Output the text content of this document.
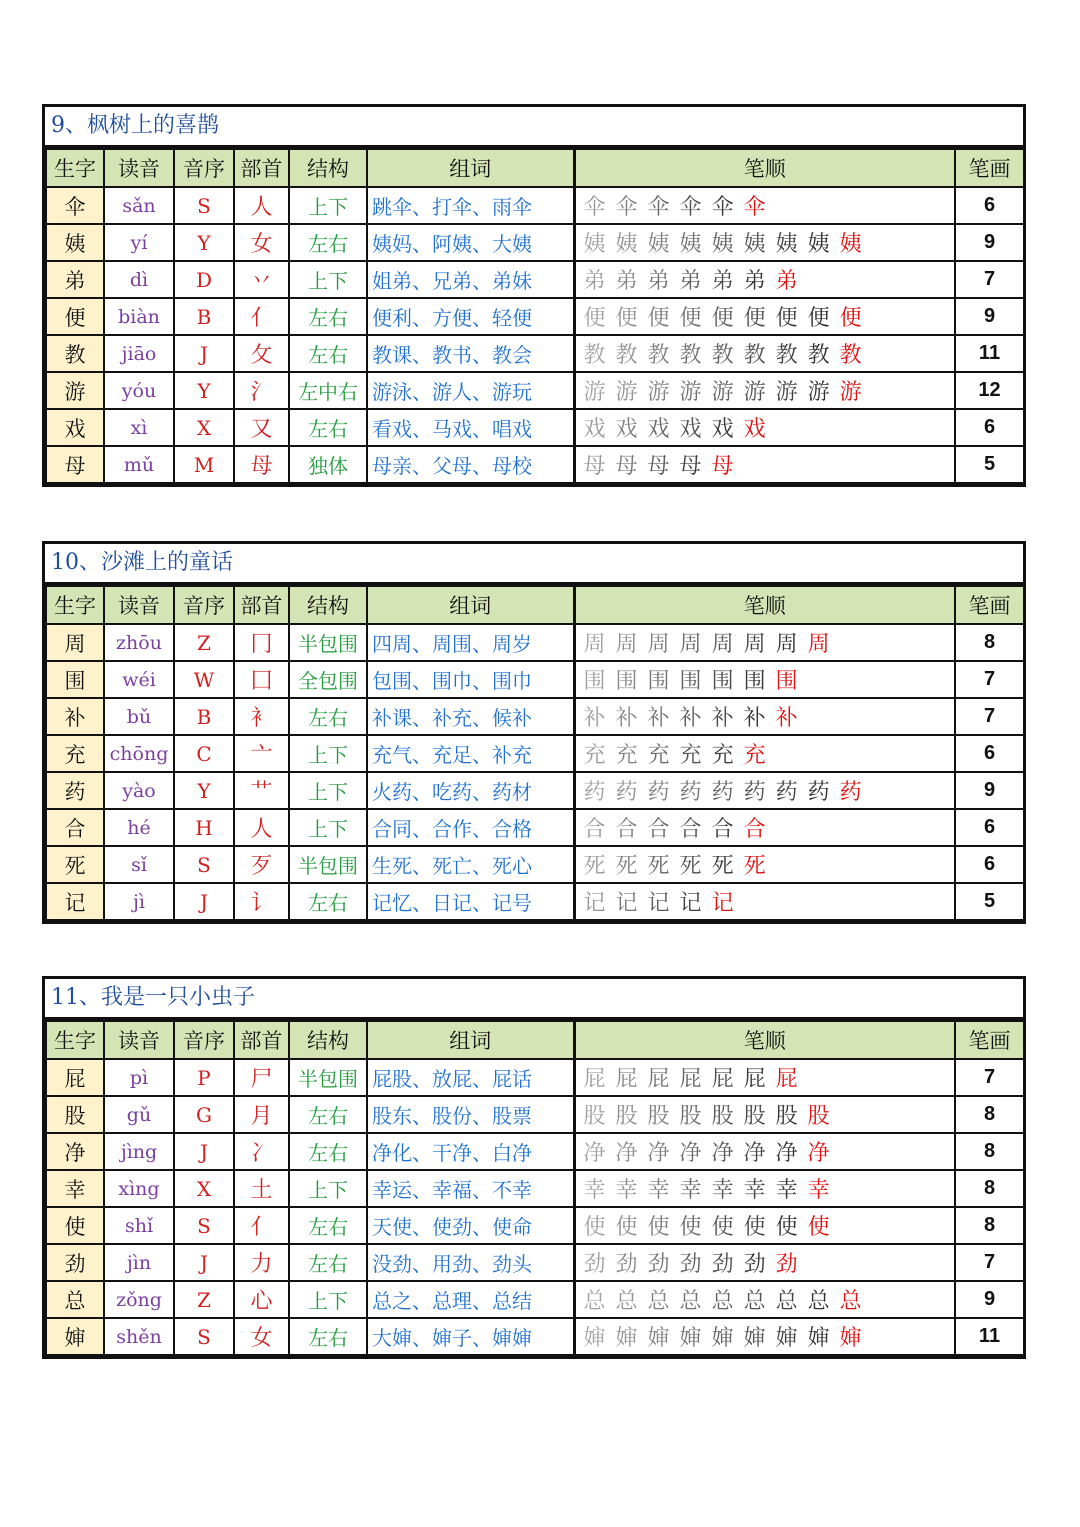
9、枫树上的喜鹊
生字	读音	音序	部首	结构	组词	笔顺	笔画
伞	sǎn	S	人	上下	跳伞、打伞、雨伞	伞 伞 伞 伞 伞 伞	6
姨	yí	Y	女	左右	姨妈、阿姨、大姨	姨 姨 姨 姨 姨 姨 姨 姨 姨	9
弟	dì	D	丷	上下	姐弟、兄弟、弟妹	弟 弟 弟 弟 弟 弟 弟	7
便	biàn	B	亻	左右	便利、方便、轻便	便 便 便 便 便 便 便 便 便	9
教	jiāo	J	攵	左右	教课、教书、教会	教 教 教 教 教 教 教 教 教	11
游	yóu	Y	氵	左中右	游泳、游人、游玩	游 游 游 游 游 游 游 游 游	12
戏	xì	X	又	左右	看戏、马戏、唱戏	戏 戏 戏 戏 戏 戏	6
母	mǔ	M	母	独体	母亲、父母、母校	母 母 母 母 母	5
10、沙滩上的童话
生字	读音	音序	部首	结构	组词	笔顺	笔画
周	zhōu	Z	冂	半包围	四周、周围、周岁	周 周 周 周 周 周 周 周	8
围	wéi	W	囗	全包围	包围、围巾、围巾	围 围 围 围 围 围 围	7
补	bǔ	B	衤	左右	补课、补充、候补	补 补 补 补 补 补 补	7
充	chōng	C	亠	上下	充气、充足、补充	充 充 充 充 充 充	6
药	yào	Y	艹	上下	火药、吃药、药材	药 药 药 药 药 药 药 药 药	9
合	hé	H	人	上下	合同、合作、合格	合 合 合 合 合 合	6
死	sǐ	S	歹	半包围	生死、死亡、死心	死 死 死 死 死 死	6
记	jì	J	讠	左右	记忆、日记、记号	记 记 记 记 记	5
11、我是一只小虫子
生字	读音	音序	部首	结构	组词	笔顺	笔画
屁	pì	P	尸	半包围	屁股、放屁、屁话	屁 屁 屁 屁 屁 屁 屁	7
股	gǔ	G	月	左右	股东、股份、股票	股 股 股 股 股 股 股 股	8
净	jìng	J	冫	左右	净化、干净、白净	净 净 净 净 净 净 净 净	8
幸	xìng	X	土	上下	幸运、幸福、不幸	幸 幸 幸 幸 幸 幸 幸 幸	8
使	shǐ	S	亻	左右	天使、使劲、使命	使 使 使 使 使 使 使 使	8
劲	jìn	J	力	左右	没劲、用劲、劲头	劲 劲 劲 劲 劲 劲 劲	7
总	zǒng	Z	心	上下	总之、总理、总结	总 总 总 总 总 总 总 总 总	9
婶	shěn	S	女	左右	大婶、婶子、婶婶	婶 婶 婶 婶 婶 婶 婶 婶 婶	11
